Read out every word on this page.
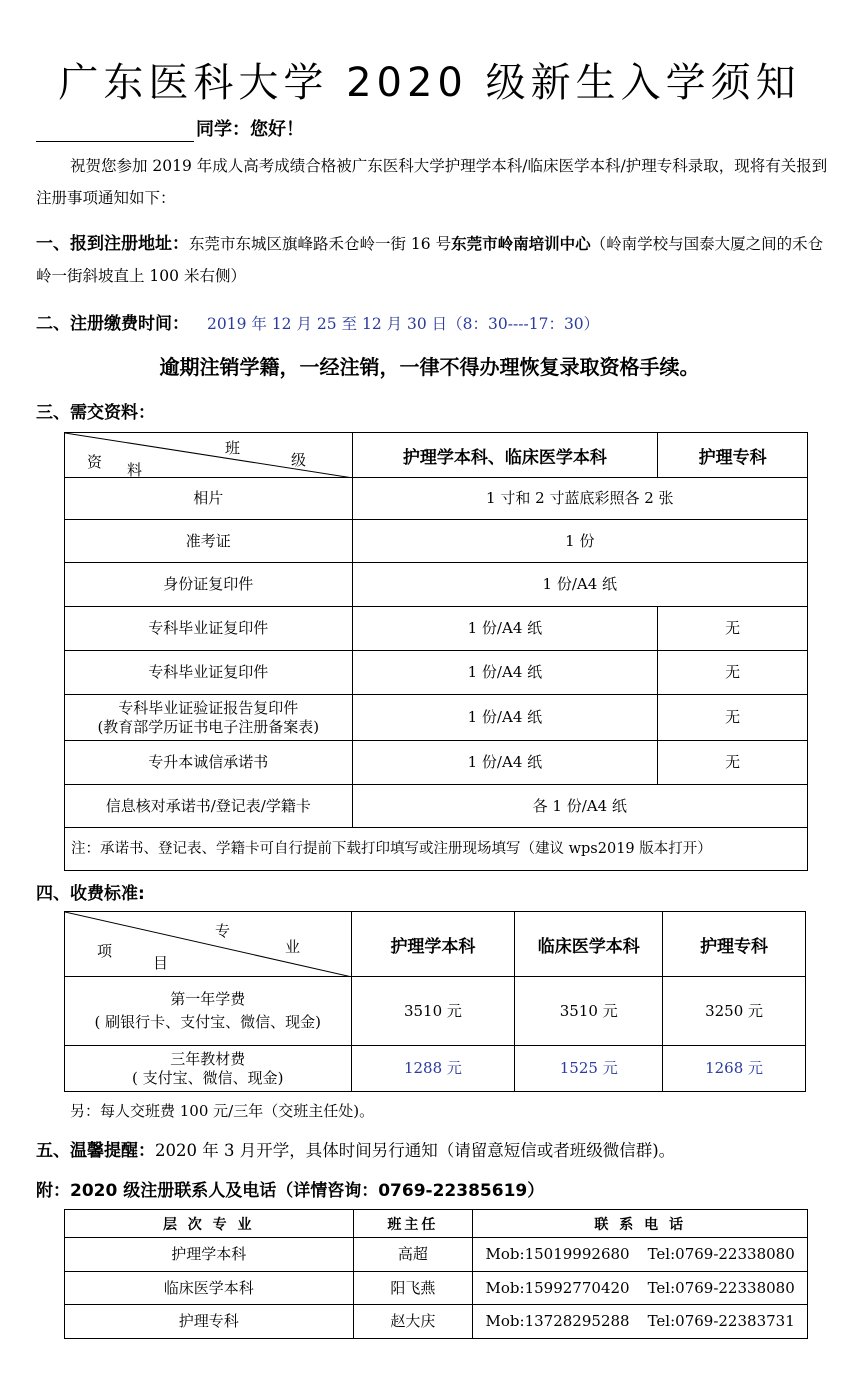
广东医科大学 2020 级新生入学须知
同学：您好！
祝贺您参加 2019 年成人高考成绩合格被广东医科大学护理学本科/临床医学本科/护理专科录取，现将有关报到注册事项通知如下：
一、报到注册地址：东莞市东城区旗峰路禾仓岭一街 16 号东莞市岭南培训中心（岭南学校与国泰大厦之间的禾仓岭一街斜坡直上 100 米右侧）
二、注册缴费时间： 2019 年 12 月 25 至 12 月 30 日（8：30----17：30）
逾期注销学籍，一经注销，一律不得办理恢复录取资格手续。
三、需交资料：
班
级
资 料	护理学本科、临床医学本科	护理专科
相片	1 寸和 2 寸蓝底彩照各 2 张	
准考证	1 份	
身份证复印件	1 份/A4 纸	
专科毕业证复印件	1 份/A4 纸	无
专科毕业证复印件	1 份/A4 纸	无

专科毕业证验证报告复印件
(教育部学历证书电子注册备案表)	1 份/A4 纸	无
专升本诚信承诺书	1 份/A4 纸	无
信息核对承诺书/登记表/学籍卡	各 1 份/A4 纸	
注：承诺书、登记表、学籍卡可自行提前下载打印填写或注册现场填写（建议 wps2019 版本打开）		
四、收费标准:
专
业
项
目	护理学本科	临床医学本科	护理专科

第一年学费
( 刷银行卡、支付宝、微信、现金)	3510 元	3510 元	3250 元

三年教材费
( 支付宝、微信、现金)	1288 元	1525 元	1268 元
另：每人交班费 100 元/三年（交班主任处)。
五、温馨提醒：2020 年 3 月开学，具体时间另行通知（请留意短信或者班级微信群)。
附：2020 级注册联系人及电话（详情咨询：0769-22385619）
层 次 专 业	班主任	联 系 电 话
护理学本科	高超	Mob:15019992680 Tel:0769-22338080
临床医学本科	阳飞燕	Mob:15992770420 Tel:0769-22338080
护理专科	赵大庆	Mob:13728295288 Tel:0769-22383731
